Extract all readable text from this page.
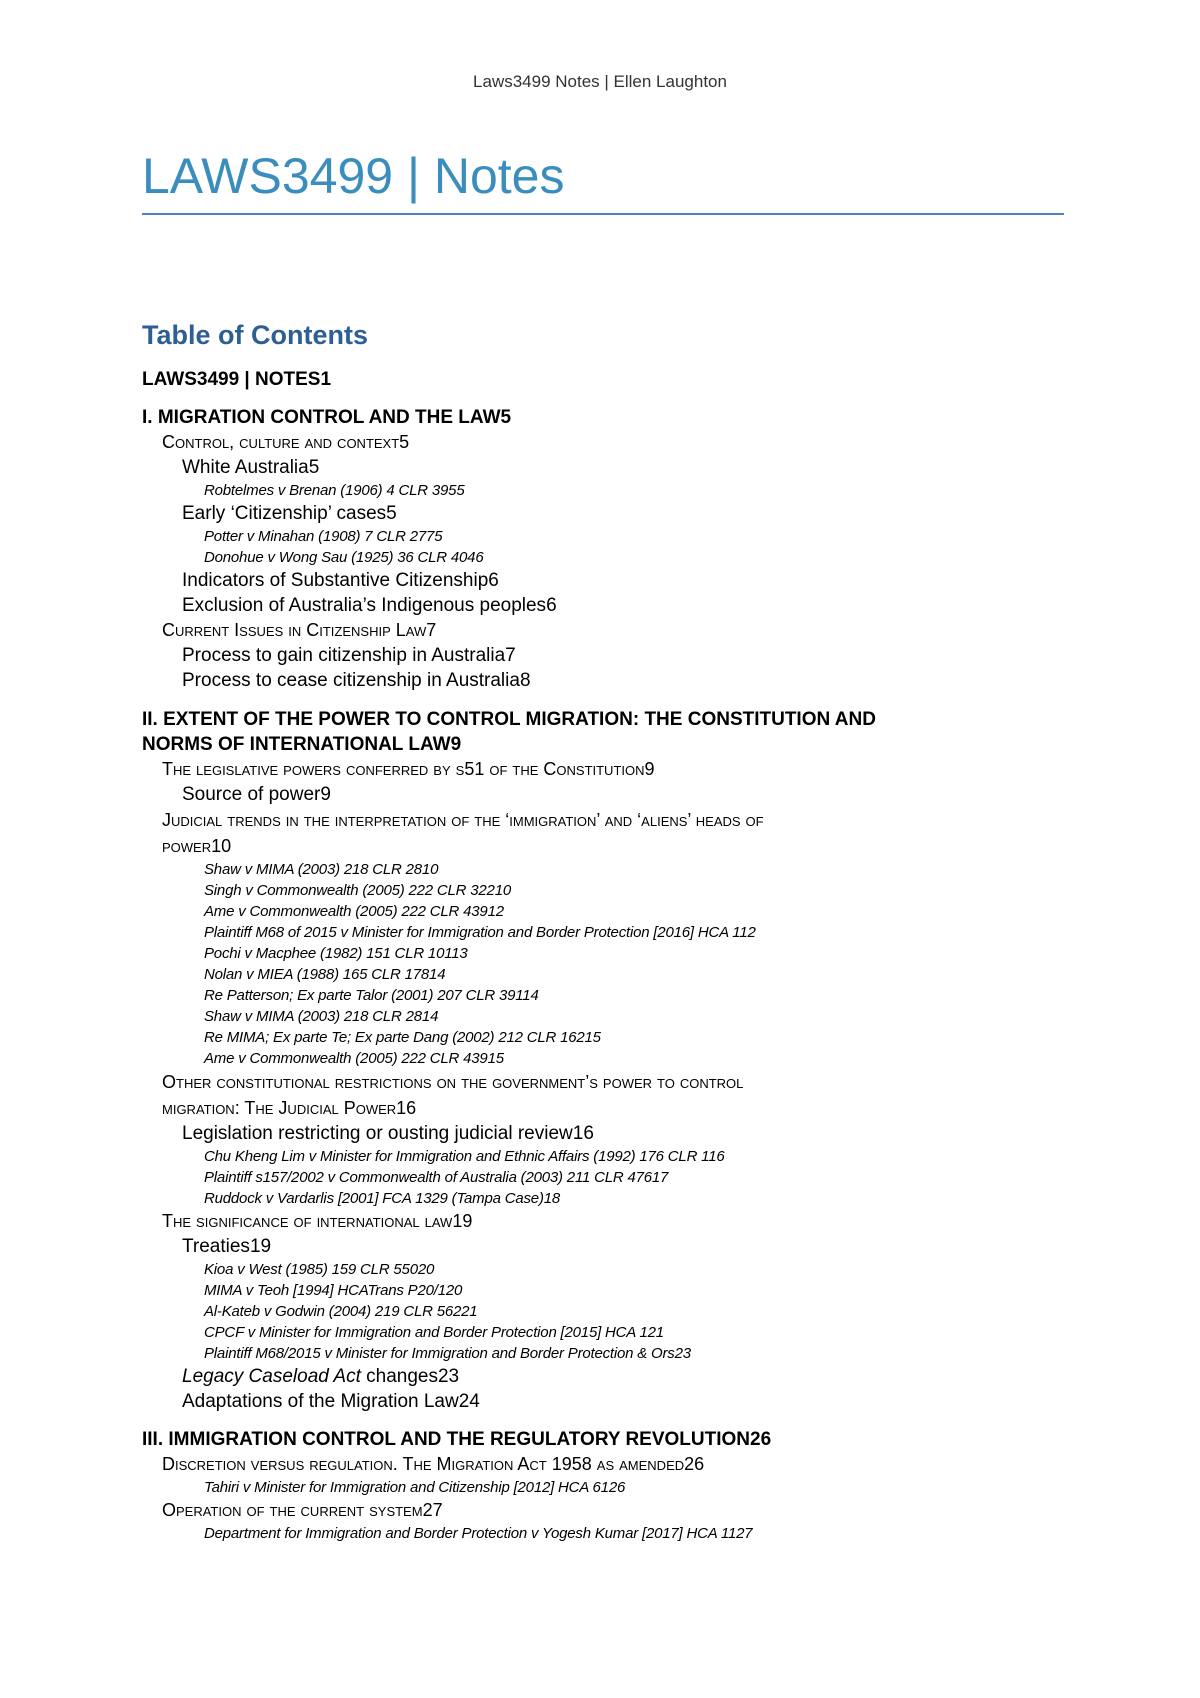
Laws3499 Notes | Ellen Laughton
LAWS3499 | Notes
Table of Contents
LAWS3499 | NOTES1
I. MIGRATION CONTROL AND THE LAW5
Control, culture and context5
White Australia5
Robtelmes v Brenan (1906) 4 CLR 3955
Early ‘Citizenship’ cases5
Potter v Minahan (1908) 7 CLR 2775
Donohue v Wong Sau (1925) 36 CLR 4046
Indicators of Substantive Citizenship6
Exclusion of Australia’s Indigenous peoples6
Current Issues in Citizenship Law7
Process to gain citizenship in Australia7
Process to cease citizenship in Australia8
II. EXTENT OF THE POWER TO CONTROL MIGRATION: THE CONSTITUTION AND
NORMS OF INTERNATIONAL LAW9
The legislative powers conferred by s51 of the Constitution9
Source of power9
Judicial trends in the interpretation of the ‘immigration’ and ‘aliens’ heads of
power10
Shaw v MIMA (2003) 218 CLR 2810
Singh v Commonwealth (2005) 222 CLR 32210
Ame v Commonwealth (2005) 222 CLR 43912
Plaintiff M68 of 2015 v Minister for Immigration and Border Protection [2016] HCA 112
Pochi v Macphee (1982) 151 CLR 10113
Nolan v MIEA (1988) 165 CLR 17814
Re Patterson; Ex parte Talor (2001) 207 CLR 39114
Shaw v MIMA (2003) 218 CLR 2814
Re MIMA; Ex parte Te; Ex parte Dang (2002) 212 CLR 16215
Ame v Commonwealth (2005) 222 CLR 43915
Other constitutional restrictions on the government’s power to control
migration: The Judicial Power16
Legislation restricting or ousting judicial review16
Chu Kheng Lim v Minister for Immigration and Ethnic Affairs (1992) 176 CLR 116
Plaintiff s157/2002 v Commonwealth of Australia (2003) 211 CLR 47617
Ruddock v Vardarlis [2001] FCA 1329 (Tampa Case)18
The significance of international law19
Treaties19
Kioa v West (1985) 159 CLR 55020
MIMA v Teoh [1994] HCATrans P20/120
Al-Kateb v Godwin (2004) 219 CLR 56221
CPCF v Minister for Immigration and Border Protection [2015] HCA 121
Plaintiff M68/2015 v Minister for Immigration and Border Protection & Ors23
Legacy Caseload Act changes23
Adaptations of the Migration Law24
III. IMMIGRATION CONTROL AND THE REGULATORY REVOLUTION26
Discretion versus regulation. The Migration Act 1958 as amended26
Tahiri v Minister for Immigration and Citizenship [2012] HCA 6126
Operation of the current system27
Department for Immigration and Border Protection v Yogesh Kumar [2017] HCA 1127
